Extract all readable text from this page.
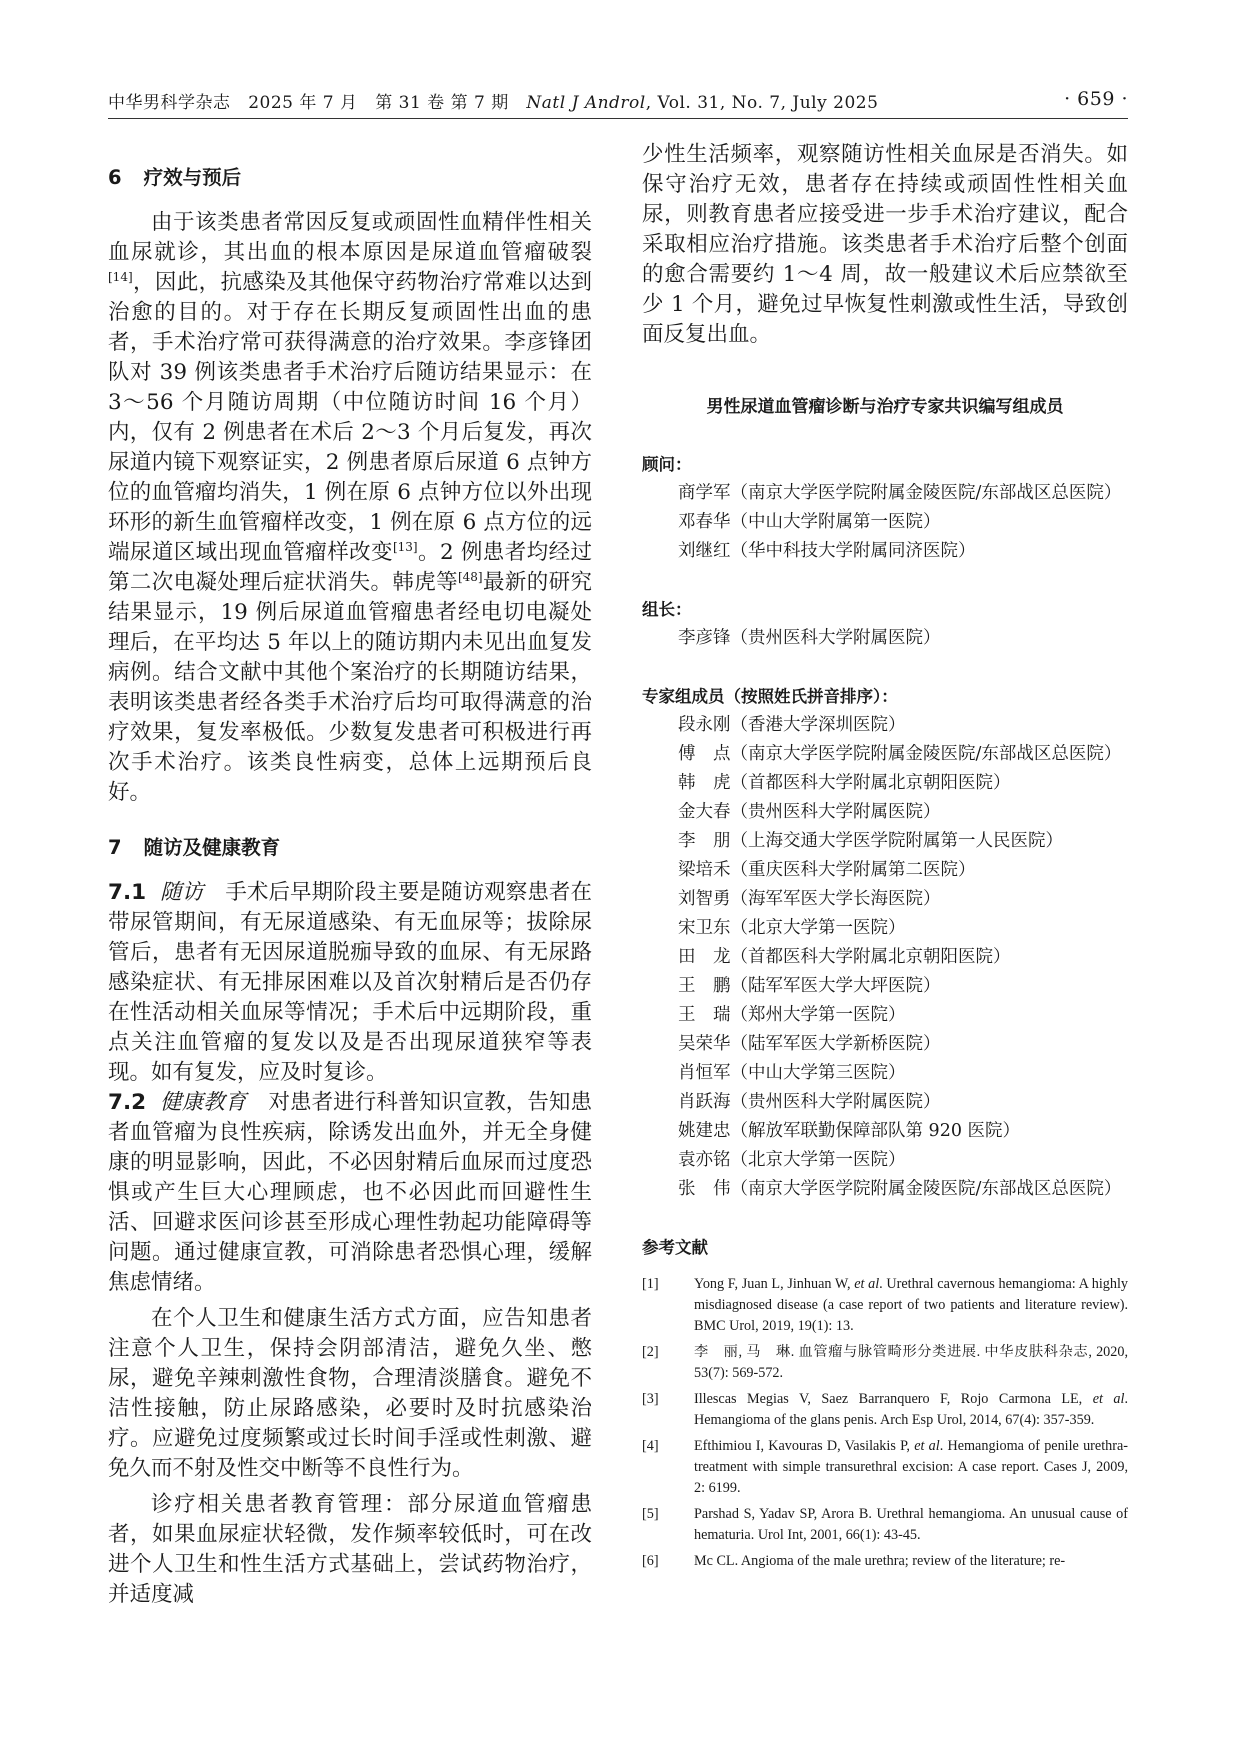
中华男科学杂志 2025 年 7 月 第 31 卷 第 7 期 Natl J Androl, Vol. 31, No. 7, July 2025	· 659 ·
6 疗效与预后

由于该类患者常因反复或顽固性血精伴性相关血尿就诊，其出血的根本原因是尿道血管瘤破裂[14]，因此，抗感染及其他保守药物治疗常难以达到治愈的目的。对于存在长期反复顽固性出血的患者，手术治疗常可获得满意的治疗效果。李彦锋团队对 39 例该类患者手术治疗后随访结果显示：在 3～56 个月随访周期（中位随访时间 16 个月）内，仅有 2 例患者在术后 2～3 个月后复发，再次尿道内镜下观察证实，2 例患者原后尿道 6 点钟方位的血管瘤均消失，1 例在原 6 点钟方位以外出现环形的新生血管瘤样改变，1 例在原 6 点方位的远端尿道区域出现血管瘤样改变[13]。2 例患者均经过第二次电凝处理后症状消失。韩虎等[48]最新的研究结果显示，19 例后尿道血管瘤患者经电切电凝处理后，在平均达 5 年以上的随访期内未见出血复发病例。结合文献中其他个案治疗的长期随访结果，表明该类患者经各类手术治疗后均可取得满意的治疗效果，复发率极低。少数复发患者可积极进行再次手术治疗。该类良性病变，总体上远期预后良好。

7 随访及健康教育

7.1 随访 手术后早期阶段主要是随访观察患者在带尿管期间，有无尿道感染、有无血尿等；拔除尿管后，患者有无因尿道脱痂导致的血尿、有无尿路感染症状、有无排尿困难以及首次射精后是否仍存在性活动相关血尿等情况；手术后中远期阶段，重点关注血管瘤的复发以及是否出现尿道狭窄等表现。如有复发，应及时复诊。

7.2 健康教育 对患者进行科普知识宣教，告知患者血管瘤为良性疾病，除诱发出血外，并无全身健康的明显影响，因此，不必因射精后血尿而过度恐惧或产生巨大心理顾虑，也不必因此而回避性生活、回避求医问诊甚至形成心理性勃起功能障碍等问题。通过健康宣教，可消除患者恐惧心理，缓解焦虑情绪。

在个人卫生和健康生活方式方面，应告知患者注意个人卫生，保持会阴部清洁，避免久坐、憋尿，避免辛辣刺激性食物，合理清淡膳食。避免不洁性接触，防止尿路感染，必要时及时抗感染治疗。应避免过度频繁或过长时间手淫或性刺激、避免久而不射及性交中断等不良性行为。

诊疗相关患者教育管理：部分尿道血管瘤患者，如果血尿症状轻微，发作频率较低时，可在改进个人卫生和性生活方式基础上，尝试药物治疗，并适度减

少性生活频率，观察随访性相关血尿是否消失。如保守治疗无效，患者存在持续或顽固性性相关血尿，则教育患者应接受进一步手术治疗建议，配合采取相应治疗措施。该类患者手术治疗后整个创面的愈合需要约 1～4 周，故一般建议术后应禁欲至少 1 个月，避免过早恢复性刺激或性生活，导致创面反复出血。

男性尿道血管瘤诊断与治疗专家共识编写组成员
顾问：
商学军（南京大学医学院附属金陵医院/东部战区总医院）
邓春华（中山大学附属第一医院）
刘继红（华中科技大学附属同济医院）
组长：
李彦锋（贵州医科大学附属医院）
专家组成员（按照姓氏拼音排序）：
段永刚（香港大学深圳医院）
傅　点（南京大学医学院附属金陵医院/东部战区总医院）
韩　虎（首都医科大学附属北京朝阳医院）
金大春（贵州医科大学附属医院）
李　朋（上海交通大学医学院附属第一人民医院）
梁培禾（重庆医科大学附属第二医院）
刘智勇（海军军医大学长海医院）
宋卫东（北京大学第一医院）
田　龙（首都医科大学附属北京朝阳医院）
王　鹏（陆军军医大学大坪医院）
王　瑞（郑州大学第一医院）
吴荣华（陆军军医大学新桥医院）
肖恒军（中山大学第三医院）
肖跃海（贵州医科大学附属医院）
姚建忠（解放军联勤保障部队第 920 医院）
袁亦铭（北京大学第一医院）
张　伟（南京大学医学院附属金陵医院/东部战区总医院）
参考文献
[1] Yong F, Juan L, Jinhuan W, et al. Urethral cavernous hemangioma: A highly misdiagnosed disease (a case report of two patients and literature review). BMC Urol, 2019, 19(1): 13.
[2] 李　丽, 马　琳. 血管瘤与脉管畸形分类进展. 中华皮肤科杂志, 2020, 53(7): 569-572.
[3] Illescas Megias V, Saez Barranquero F, Rojo Carmona LE, et al. Hemangioma of the glans penis. Arch Esp Urol, 2014, 67(4): 357-359.
[4] Efthimiou I, Kavouras D, Vasilakis P, et al. Hemangioma of penile urethra-treatment with simple transurethral excision: A case report. Cases J, 2009, 2: 6199.
[5] Parshad S, Yadav SP, Arora B. Urethral hemangioma. An unusual cause of hematuria. Urol Int, 2001, 66(1): 43-45.
[6] Mc CL. Angioma of the male urethra; review of the literature; re-
